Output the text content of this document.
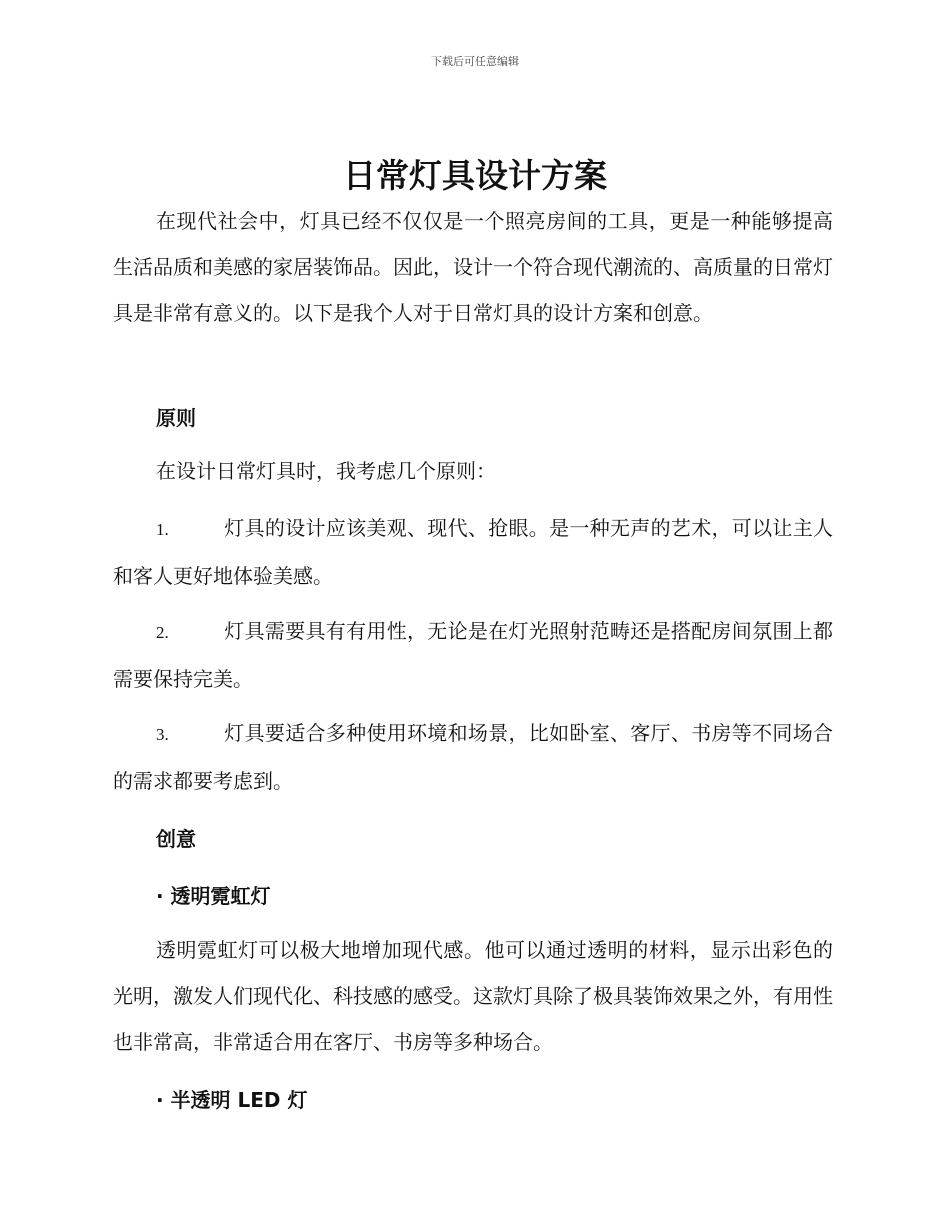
下载后可任意编辑
日常灯具设计方案

在现代社会中，灯具已经不仅仅是一个照亮房间的工具，更是一种能够提高生活品质和美感的家居装饰品。因此，设计一个符合现代潮流的、高质量的日常灯具是非常有意义的。以下是我个人对于日常灯具的设计方案和创意。

原则

在设计日常灯具时，我考虑几个原则：

1.	灯具的设计应该美观、现代、抢眼。是一种无声的艺术，可以让主人和客人更好地体验美感。

2.	灯具需要具有有用性，无论是在灯光照射范畴还是搭配房间氛围上都需要保持完美。

3.	灯具要适合多种使用环境和场景，比如卧室、客厅、书房等不同场合的需求都要考虑到。

创意
· 透明霓虹灯

透明霓虹灯可以极大地增加现代感。他可以通过透明的材料，显示出彩色的光明，激发人们现代化、科技感的感受。这款灯具除了极具装饰效果之外，有用性也非常高，非常适合用在客厅、书房等多种场合。

· 半透明 LED 灯
